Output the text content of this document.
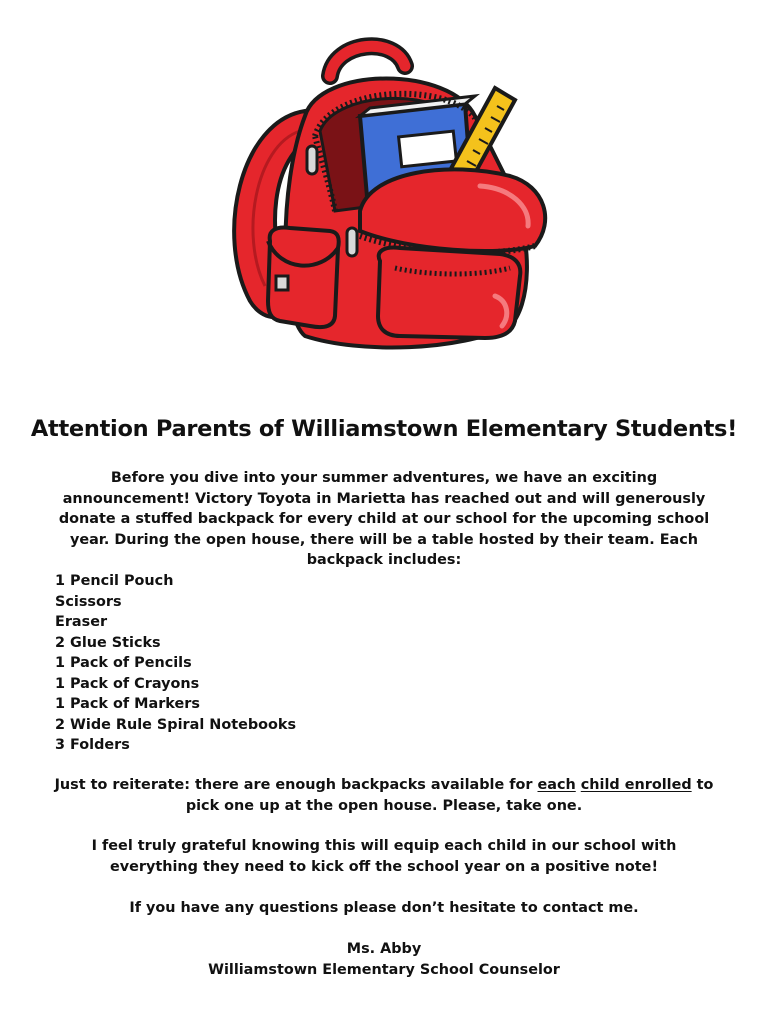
Attention Parents of Williamstown Elementary Students!

Before you dive into your summer adventures, we have an exciting announcement! Victory Toyota in Marietta has reached out and will generously donate a stuffed backpack for every child at our school for the upcoming school year. During the open house, there will be a table hosted by their team. Each backpack includes:

1 Pencil Pouch
Scissors
Eraser
2 Glue Sticks
1 Pack of Pencils
1 Pack of Crayons
1 Pack of Markers
2 Wide Rule Spiral Notebooks
3 Folders

Just to reiterate: there are enough backpacks available for each child enrolled to pick one up at the open house. Please, take one.

I feel truly grateful knowing this will equip each child in our school with everything they need to kick off the school year on a positive note!

If you have any questions please don’t hesitate to contact me.

Ms. Abby
Williamstown Elementary School Counselor
